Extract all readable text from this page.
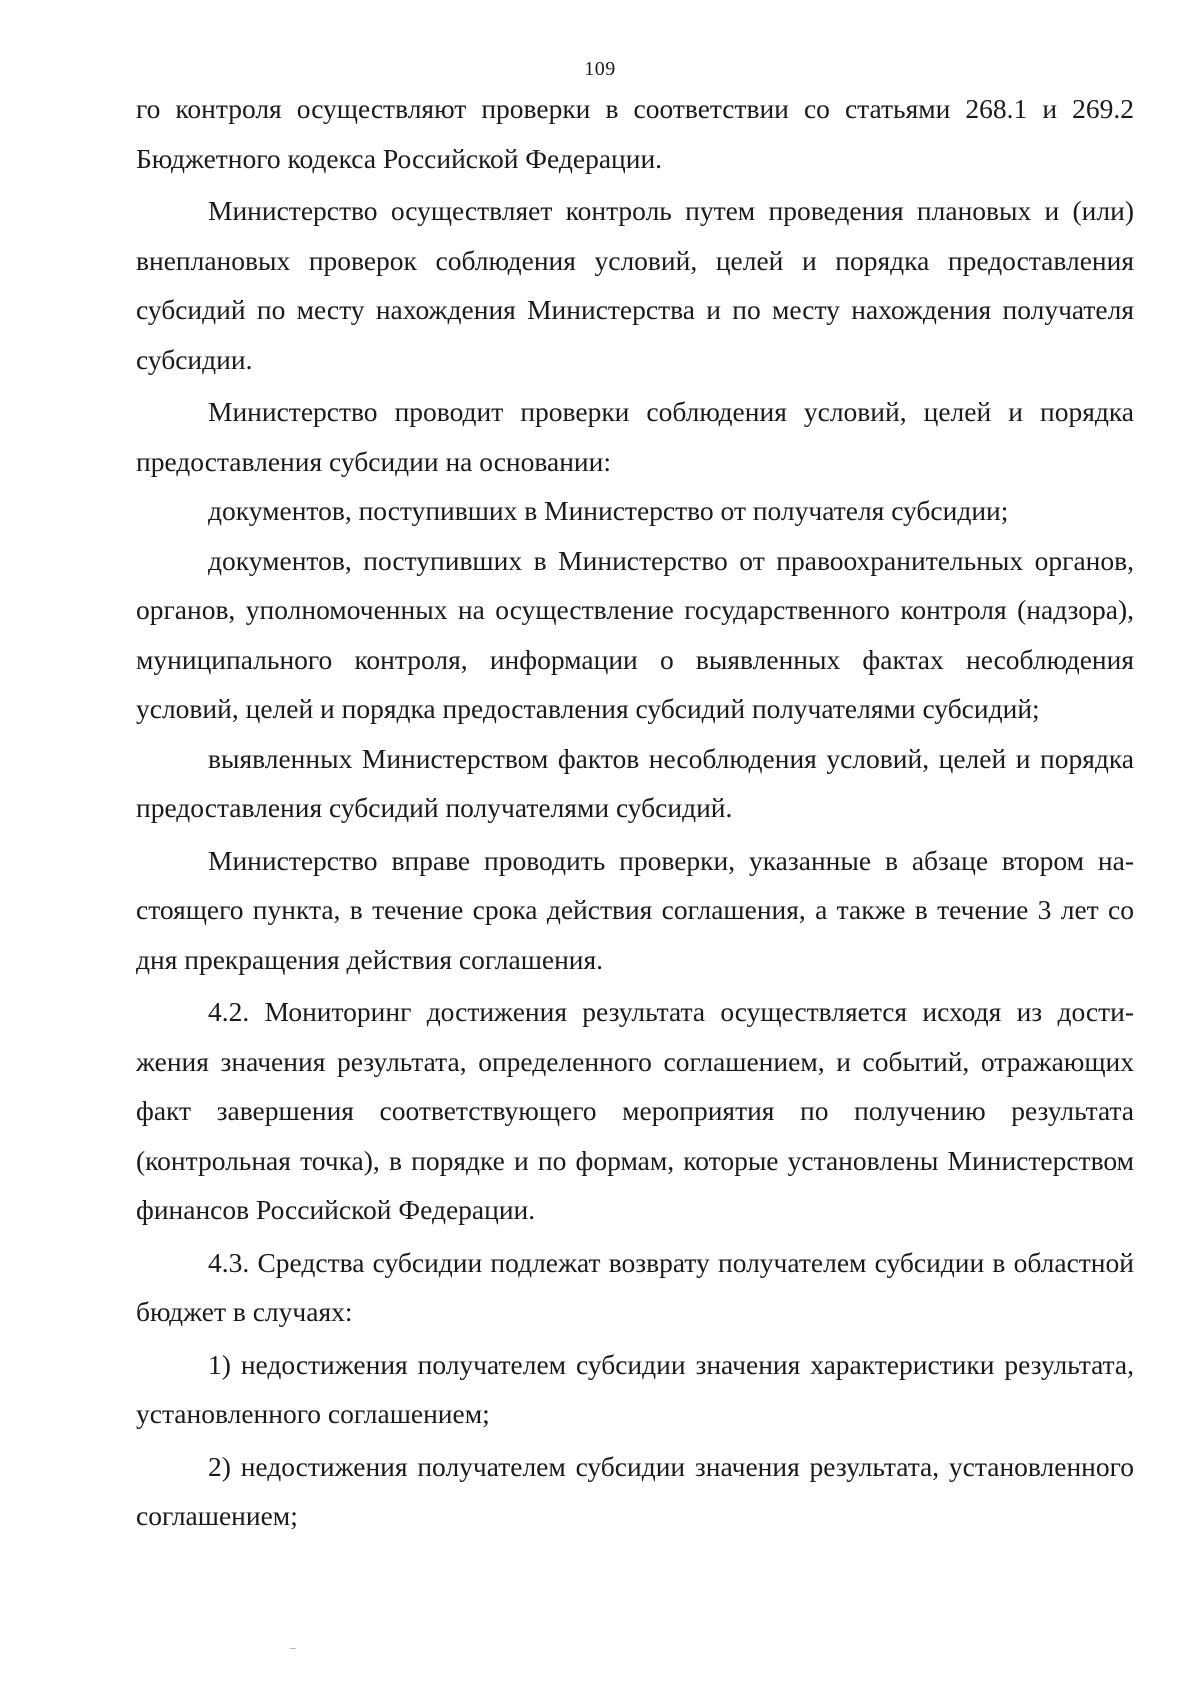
109

го контроля осуществляют проверки в соответствии со статьями 268.1 и 269.2 Бюджетного кодекса Российской Федерации.

Министерство осуществляет контроль путем проведения плановых и (или) внеплановых проверок соблюдения условий, целей и порядка предоставления субсидий по месту нахождения Министерства и по месту нахождения получателя субсидии.

Министерство проводит проверки соблюдения условий, целей и порядка предоставления субсидии на основании:

документов, поступивших в Министерство от получателя субсидии;

документов, поступивших в Министерство от правоохранительных органов, органов, уполномоченных на осуществление государственного контроля (надзора), муниципального контроля, информации о выявленных фактах несоблюдения условий, целей и порядка предоставления субсидий получателями субсидий;

выявленных Министерством фактов несоблюдения условий, целей и порядка предоставления субсидий получателями субсидий.

Министерство вправе проводить проверки, указанные в абзаце втором настоящего пункта, в течение срока действия соглашения, а также в течение 3 лет со дня прекращения действия соглашения.

4.2. Мониторинг достижения результата осуществляется исходя из достижения значения результата, определенного соглашением, и событий, отражающих факт завершения соответствующего мероприятия по получению результата (контрольная точка), в порядке и по формам, которые установлены Министерством финансов Российской Федерации.

4.3. Средства субсидии подлежат возврату получателем субсидии в областной бюджет в случаях:

1) недостижения получателем субсидии значения характеристики результата, установленного соглашением;

2) недостижения получателем субсидии значения результата, установленного соглашением;
